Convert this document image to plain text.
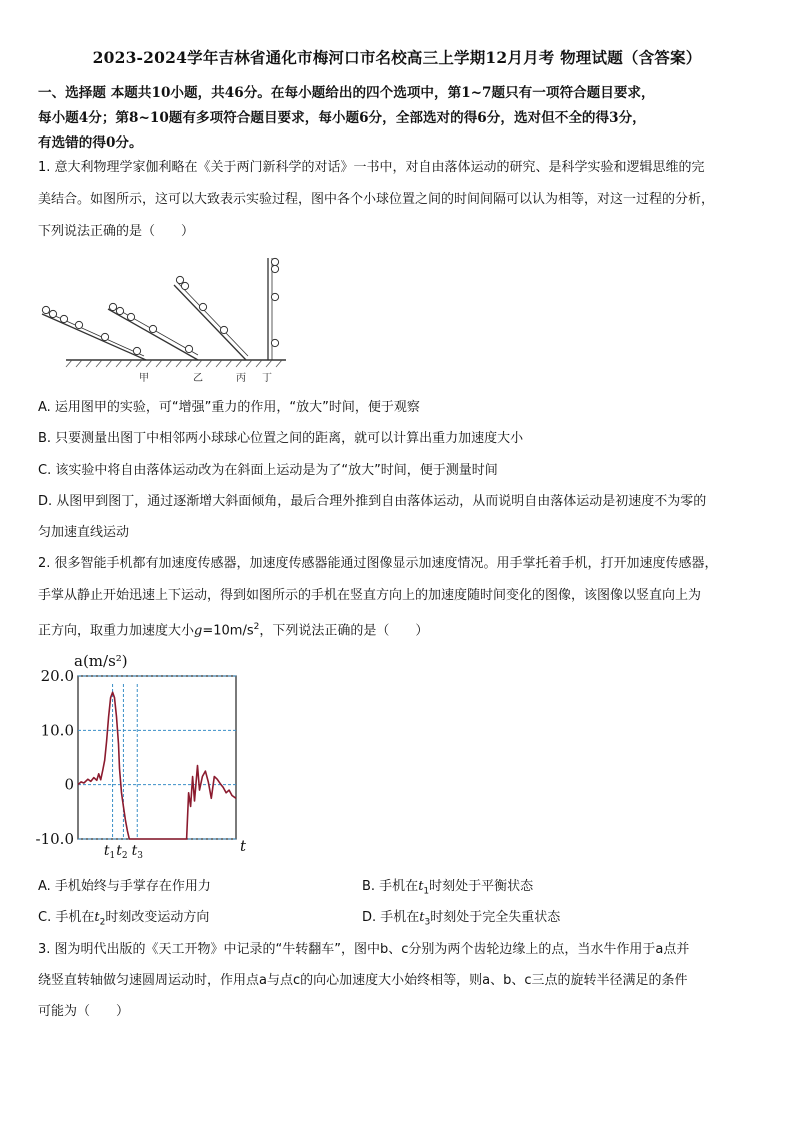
2023-2024学年吉林省通化市梅河口市名校高三上学期12月月考 物理试题（含答案）
一、选择题 本题共10小题，共46分。在每小题给出的四个选项中，第1~7题只有一项符合题目要求，
每小题4分；第8~10题有多项符合题目要求，每小题6分，全部选对的得6分，选对但不全的得3分，
有选错的得0分。
1. 意大利物理学家伽利略在《关于两门新科学的对话》一书中，对自由落体运动的研究、是科学实验和逻辑思维的完
美结合。如图所示，这可以大致表示实验过程，图中各个小球位置之间的时间间隔可以认为相等，对这一过程的分析，
下列说法正确的是（　　）
甲	乙	丙 丁
A. 运用图甲的实验，可“增强”重力的作用，“放大”时间，便于观察
B. 只要测量出图丁中相邻两小球球心位置之间的距离，就可以计算出重力加速度大小
C. 该实验中将自由落体运动改为在斜面上运动是为了“放大”时间，便于测量时间
D. 从图甲到图丁，通过逐渐增大斜面倾角，最后合理外推到自由落体运动，从而说明自由落体运动是初速度不为零的
匀加速直线运动
2. 很多智能手机都有加速度传感器，加速度传感器能通过图像显示加速度情况。用手掌托着手机，打开加速度传感器，
手掌从静止开始迅速上下运动，得到如图所示的手机在竖直方向上的加速度随时间变化的图像，该图像以竖直向上为
正方向，取重力加速度大小$g=10m/s^2$，下列说法正确的是（　　）
20.0
10.0
0
-10.0
$t_1$ $t_2$ $t_3$
a(m/s²)
t
A. 手机始终与手掌存在作用力	B. 手机在$t_1$时刻处于平衡状态
C. 手机在$t_2$时刻改变运动方向	D. 手机在$t_3$时刻处于完全失重状态
3. 图为明代出版的《天工开物》中记录的“牛转翻车”，图中b、c分别为两个齿轮边缘上的点，当水牛作用于a点并
绕竖直转轴做匀速圆周运动时，作用点a与点c的向心加速度大小始终相等，则a、b、c三点的旋转半径满足的条件
可能为（　　）
